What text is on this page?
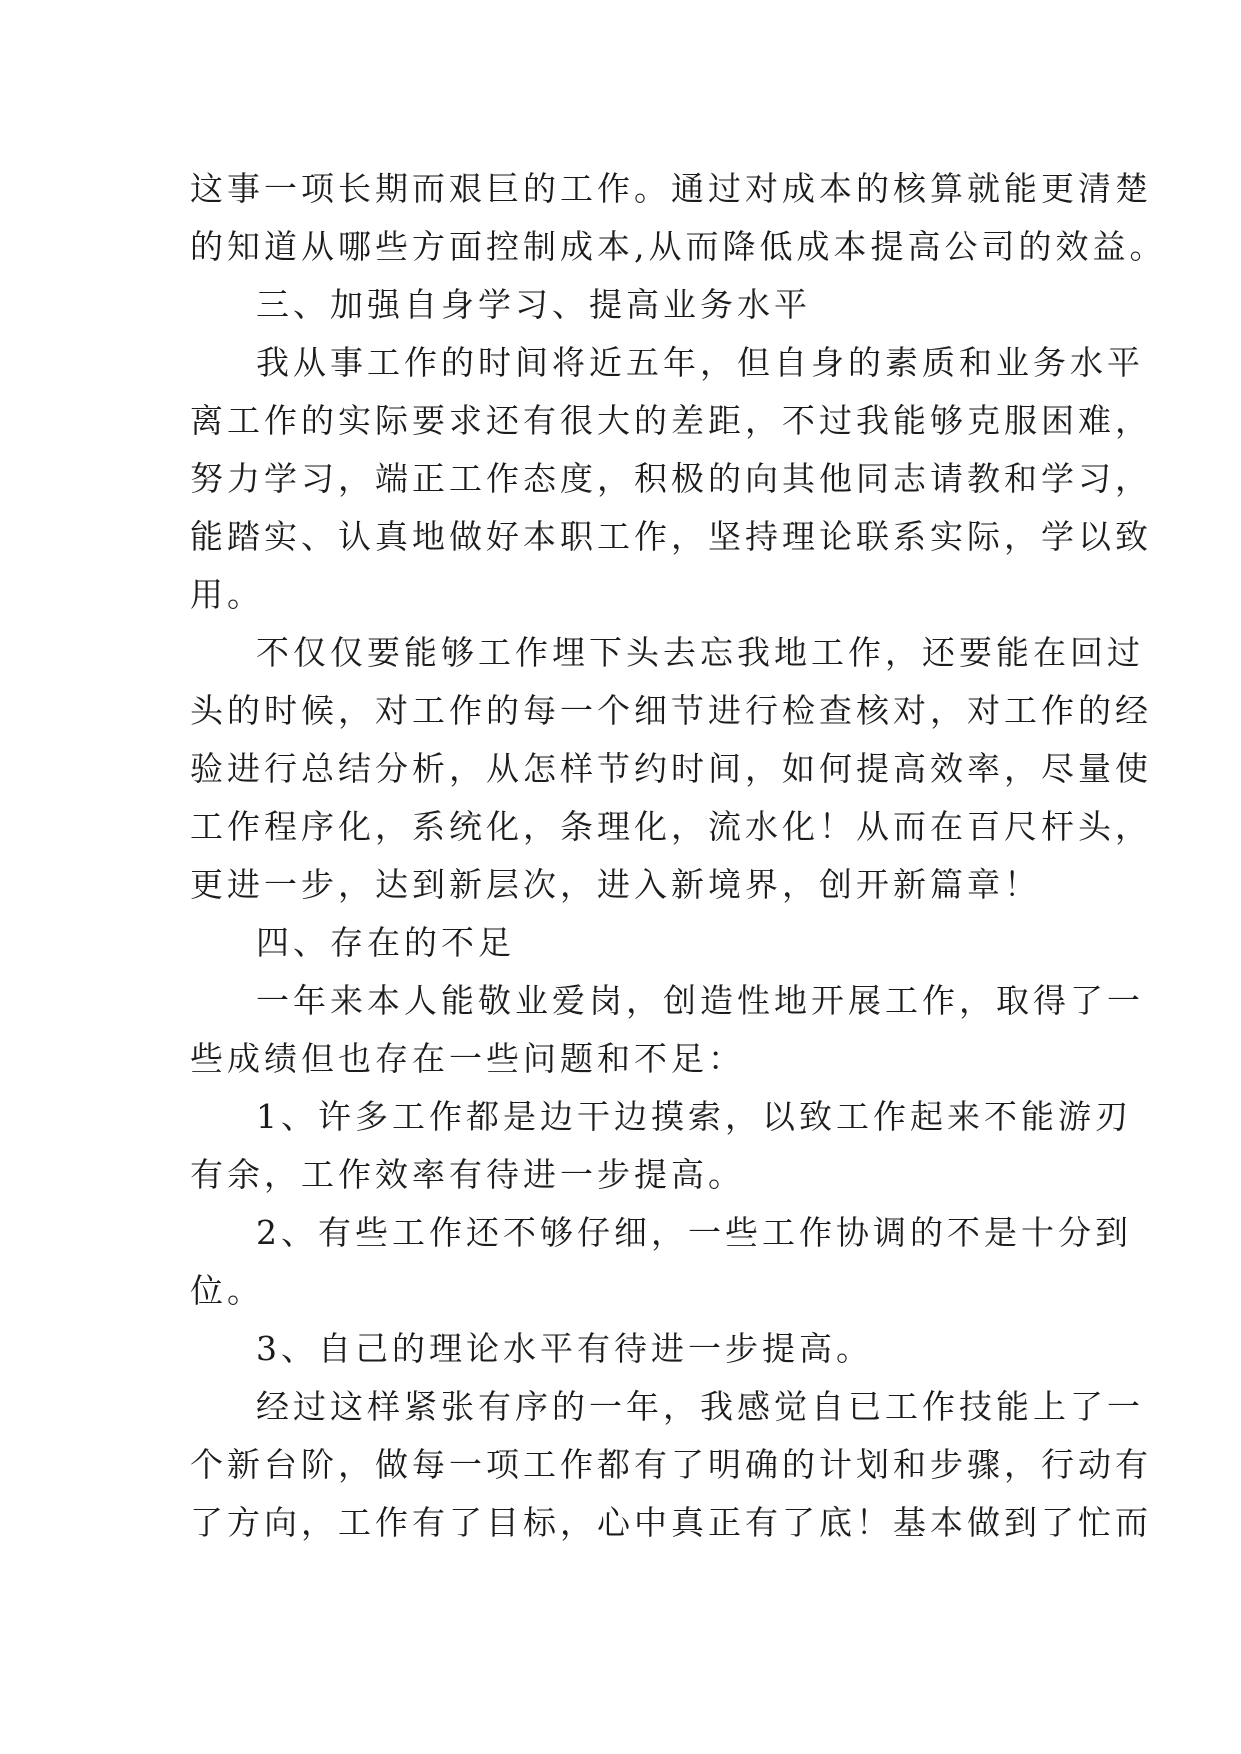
这事一项长期而艰巨的工作。通过对成本的核算就能更清楚
的知道从哪些方面控制成本,从而降低成本提高公司的效益。
三、加强自身学习、提高业务水平
我从事工作的时间将近五年，但自身的素质和业务水平
离工作的实际要求还有很大的差距，不过我能够克服困难，
努力学习，端正工作态度，积极的向其他同志请教和学习，
能踏实、认真地做好本职工作，坚持理论联系实际，学以致
用。
不仅仅要能够工作埋下头去忘我地工作，还要能在回过
头的时候，对工作的每一个细节进行检查核对，对工作的经
验进行总结分析，从怎样节约时间，如何提高效率，尽量使
工作程序化，系统化，条理化，流水化！从而在百尺杆头，
更进一步，达到新层次，进入新境界，创开新篇章！
四、存在的不足
一年来本人能敬业爱岗，创造性地开展工作，取得了一
些成绩但也存在一些问题和不足：
1、许多工作都是边干边摸索，以致工作起来不能游刃
有余，工作效率有待进一步提高。
2、有些工作还不够仔细，一些工作协调的不是十分到
位。
3、自己的理论水平有待进一步提高。
经过这样紧张有序的一年，我感觉自已工作技能上了一
个新台阶，做每一项工作都有了明确的计划和步骤，行动有
了方向，工作有了目标，心中真正有了底！基本做到了忙而
